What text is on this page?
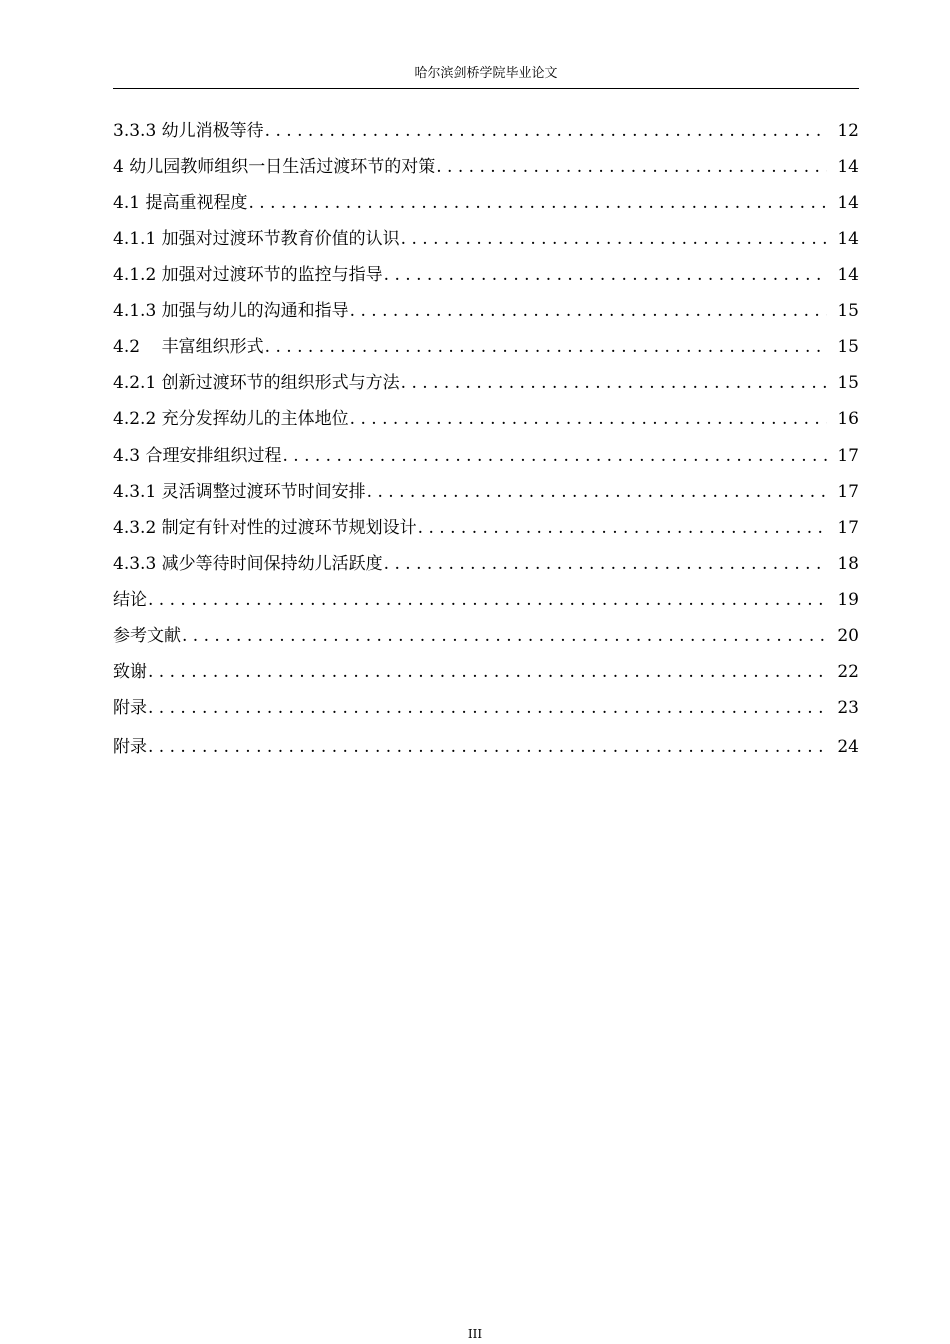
哈尔滨剑桥学院毕业论文
3.3.3 幼儿消极等待 . . .	12
4 幼儿园教师组织一日生活过渡环节的对策 . . .	14
4.1 提高重视程度 . . .	14
4.1.1 加强对过渡环节教育价值的认识 . . .	14
4.1.2 加强对过渡环节的监控与指导 . . .	14
4.1.3 加强与幼儿的沟通和指导 . . .	15
4.2    丰富组织形式 . . .	15
4.2.1 创新过渡环节的组织形式与方法 . . .	15
4.2.2 充分发挥幼儿的主体地位 . . .	16
4.3 合理安排组织过程 . . .	17
4.3.1 灵活调整过渡环节时间安排 . . .	17
4.3.2 制定有针对性的过渡环节规划设计 . . .	17
4.3.3 减少等待时间保持幼儿活跃度 . . .	18
结论 . . .	19
参考文献 . . .	20
致谢 . . .	22
附录 . . .	23
附录 . . .	24
III
